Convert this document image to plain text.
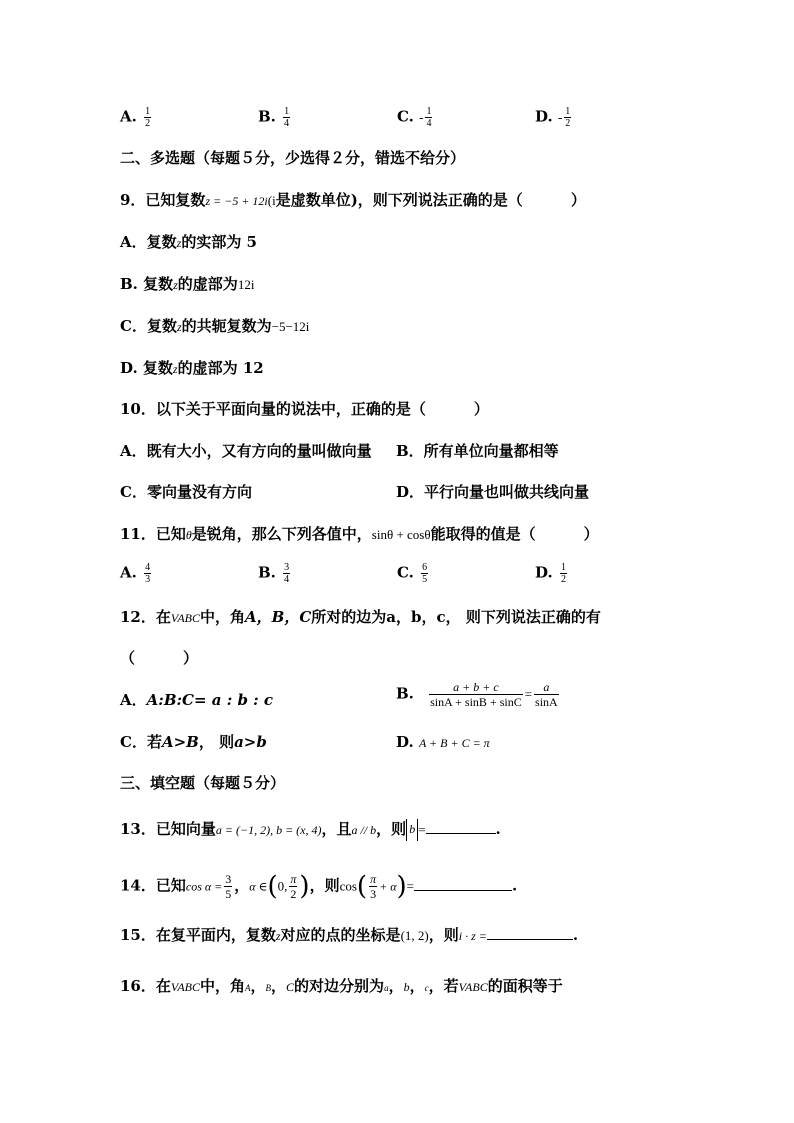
A. $\frac{1}{2}$	B. $\frac{1}{4}$	C. - $\frac{1}{4}$	D. - $\frac{1}{2}$
二、多选题（每题５分，少选得２分，错选不给分）
9．已知复数z = −5 + 12i(i是虚数单位)，则下列说法正确的是（	）
A．复数z的实部为 5
B. 复数z的虚部为12i
C．复数z的共轭复数为−5−12i
D. 复数z的虚部为 12
10．以下关于平面向量的说法中，正确的是（	）
A．既有大小，又有方向的量叫做向量 B．所有单位向量都相等
C．零向量没有方向	D．平行向量也叫做共线向量
11．已知θ是锐角，那么下列各值中，sinθ + cosθ能取得的值是（	）
A. $\frac{4}{3}$	B. $\frac{3}{4}$	C. $\frac{6}{5}$	D. $\frac{1}{2}$
12．在VABC中，角A，B，C所对的边为a，b，c， 则下列说法正确的有
（	）
A．A:B:C= a : b : c	B. $\frac{a + b + c}{\sin A + \sin B + \sin C} = \frac{a}{\sin A}$
C．若A>B， 则a>b	D. A + B + C = π
三、填空题（每题５分）
13．已知向量a = (−1, 2), b = (x, 4)，且a // b，则 b =	.
14．已知$\cos \alpha = \frac{3}{5}$ ，α ∈(0, $\frac{\pi}{2}$ )，则$\cos( \frac{\pi}{3} + \alpha)=$	.
15．在复平面内，复数z对应的点的坐标是(1, 2)，则i · z =	.
16．在VABC中，角A，B，C的对边分别为a，b，c，若VABC的面积等于
